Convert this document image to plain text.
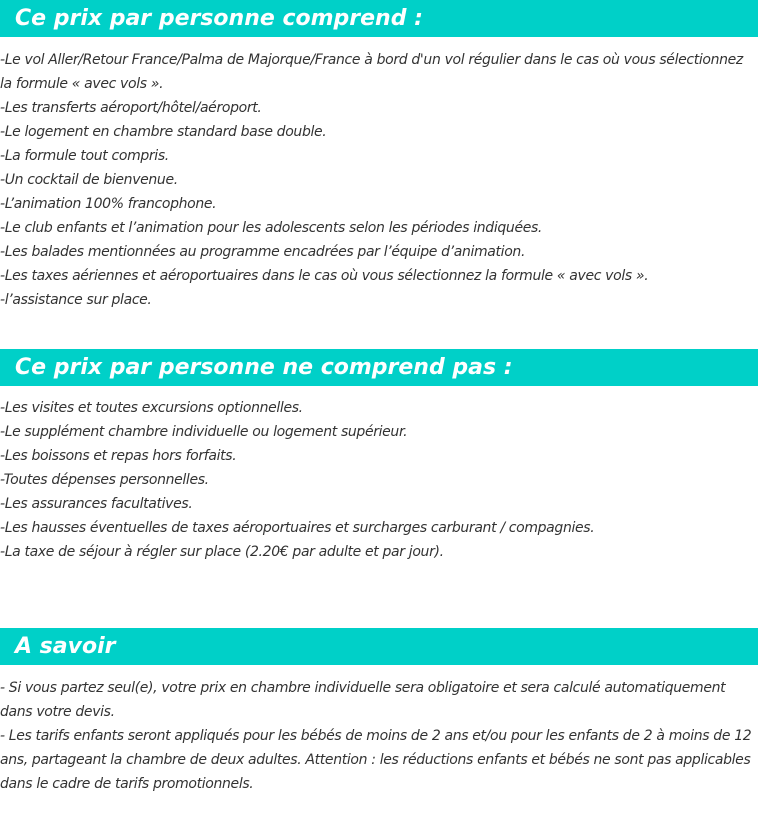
Ce prix par personne comprend :
-Le vol Aller/Retour France/Palma de Majorque/France à bord d'un vol régulier dans le cas où vous sélectionnez la formule « avec vols ».
-Les transferts aéroport/hôtel/aéroport.
-Le logement en chambre standard base double.
-La formule tout compris.
-Un cocktail de bienvenue.
-L’animation 100% francophone.
-Le club enfants et l’animation pour les adolescents selon les périodes indiquées.
-Les balades mentionnées au programme encadrées par l’équipe d’animation.
-Les taxes aériennes et aéroportuaires dans le cas où vous sélectionnez la formule « avec vols ».
-l’assistance sur place.
Ce prix par personne ne comprend pas :
-Les visites et toutes excursions optionnelles.
-Le supplément chambre individuelle ou logement supérieur.
-Les boissons et repas hors forfaits.
-Toutes dépenses personnelles.
-Les assurances facultatives.
-Les hausses éventuelles de taxes aéroportuaires et surcharges carburant / compagnies.
-La taxe de séjour à régler sur place (2.20€ par adulte et par jour).
A savoir
- Si vous partez seul(e), votre prix en chambre individuelle sera obligatoire et sera calculé automatiquement dans votre devis.
- Les tarifs enfants seront appliqués pour les bébés de moins de 2 ans et/ou pour les enfants de 2 à moins de 12 ans, partageant la chambre de deux adultes. Attention : les réductions enfants et bébés ne sont pas applicables dans le cadre de tarifs promotionnels.
